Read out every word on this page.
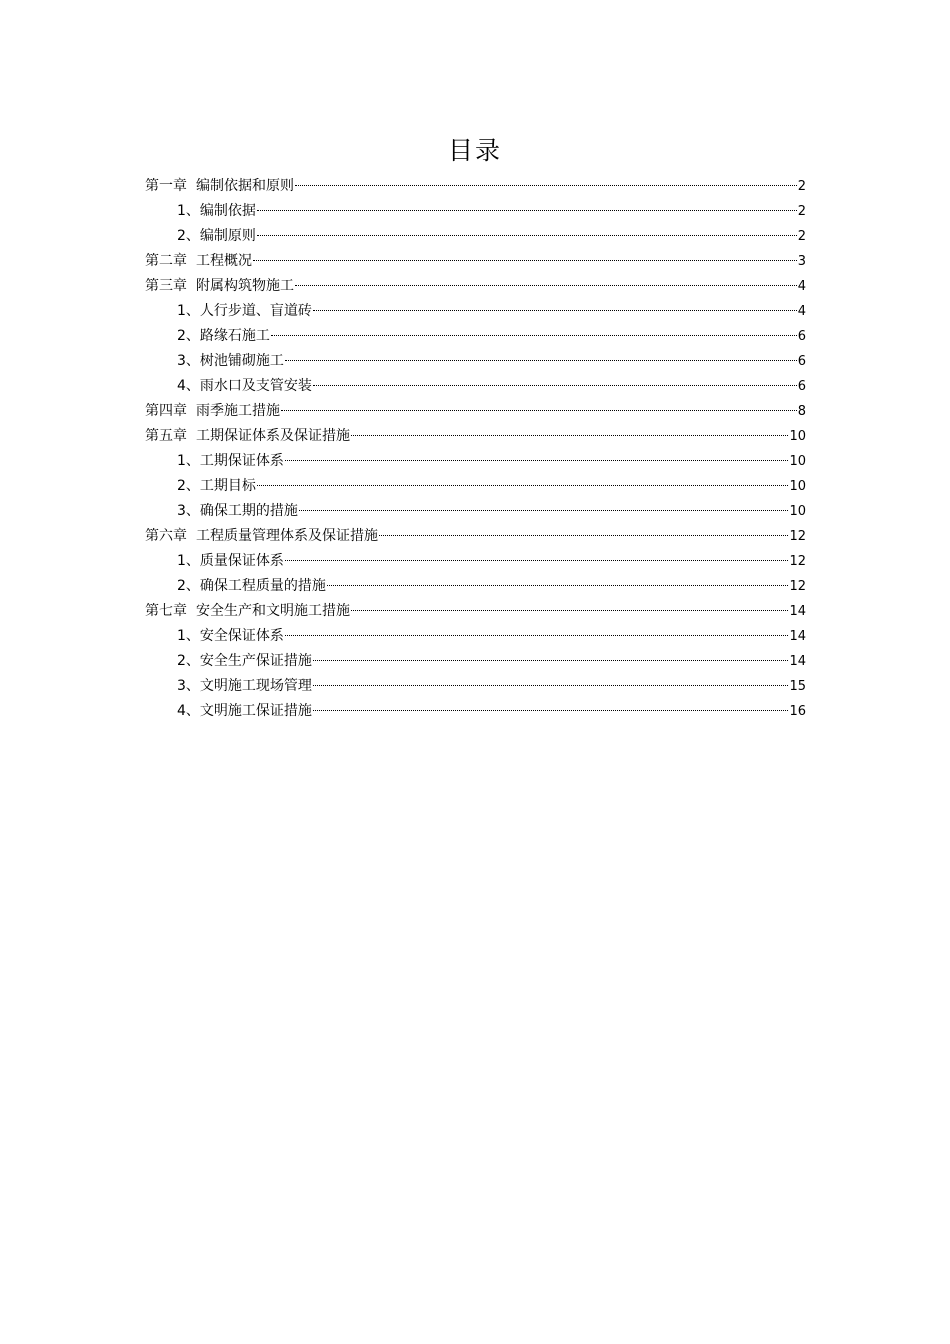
目录
第一章 编制依据和原则	2
1、编制依据	2
2、编制原则	2
第二章 工程概况	3
第三章 附属构筑物施工	4
1、人行步道、盲道砖	4
2、路缘石施工	6
3、树池铺砌施工	6
4、雨水口及支管安装	6
第四章 雨季施工措施	8
第五章 工期保证体系及保证措施	10
1、工期保证体系	10
2、工期目标	10
3、确保工期的措施	10
第六章 工程质量管理体系及保证措施	12
1、质量保证体系	12
2、确保工程质量的措施	12
第七章 安全生产和文明施工措施	14
1、安全保证体系	14
2、安全生产保证措施	14
3、文明施工现场管理	15
4、文明施工保证措施	16
